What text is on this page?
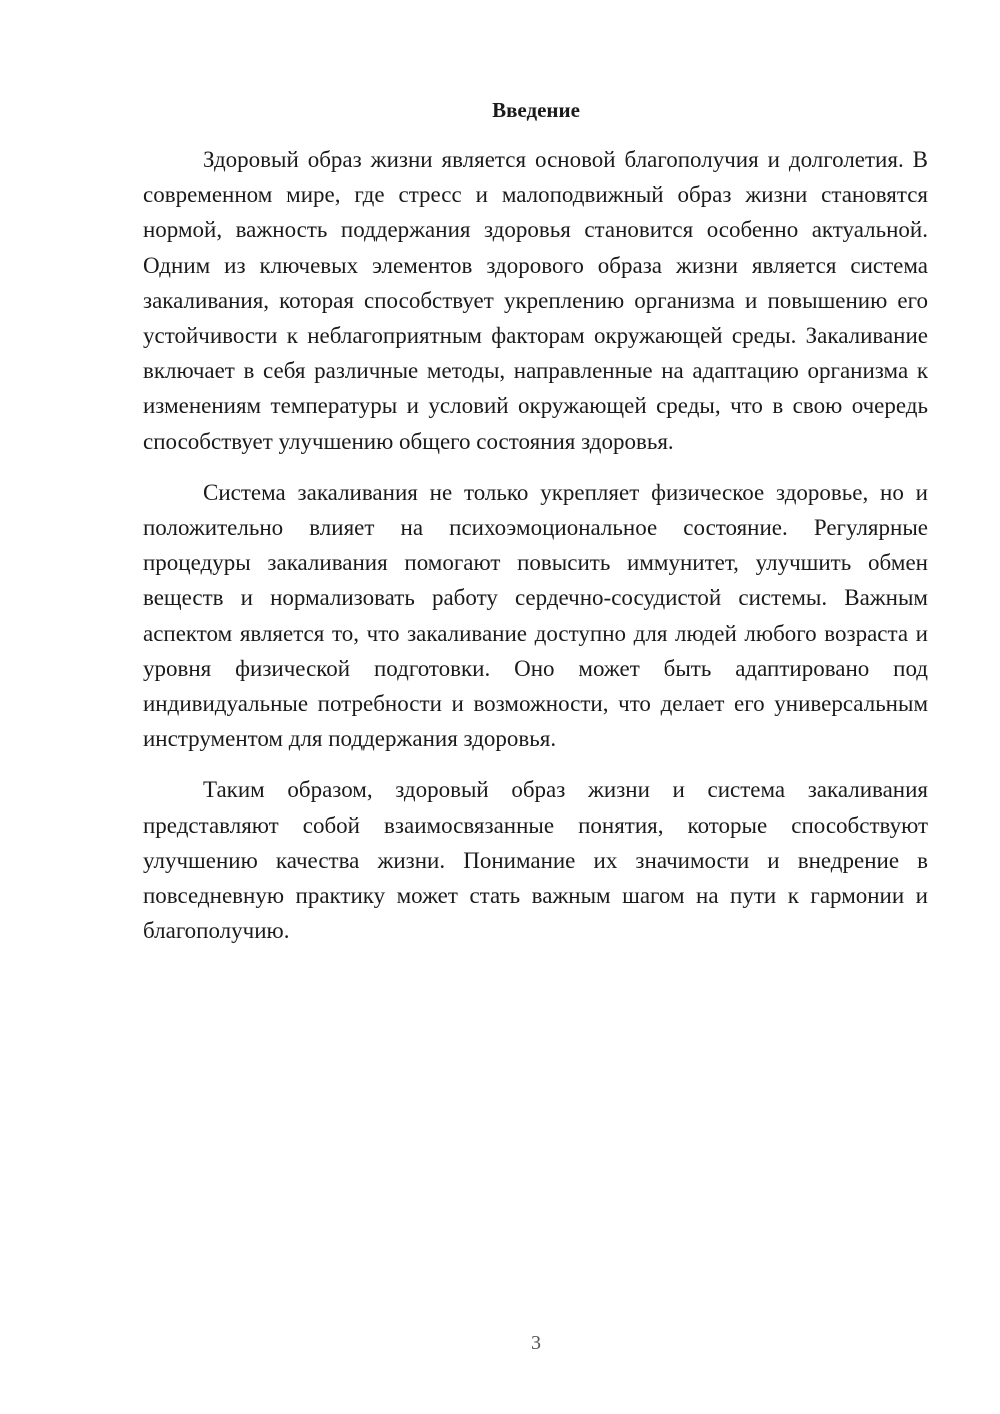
Введение

Здоровый образ жизни является основой благополучия и долголетия. В современном мире, где стресс и малоподвижный образ жизни становятся нормой, важность поддержания здоровья становится особенно актуальной. Одним из ключевых элементов здорового образа жизни является система закаливания, которая способствует укреплению организма и повышению его устойчивости к неблагоприятным факторам окружающей среды. Закаливание включает в себя различные методы, направленные на адаптацию организма к изменениям температуры и условий окружающей среды, что в свою очередь способствует улучшению общего состояния здоровья.

Система закаливания не только укрепляет физическое здоровье, но и положительно влияет на психоэмоциональное состояние. Регулярные процедуры закаливания помогают повысить иммунитет, улучшить обмен веществ и нормализовать работу сердечно-сосудистой системы. Важным аспектом является то, что закаливание доступно для людей любого возраста и уровня физической подготовки. Оно может быть адаптировано под индивидуальные потребности и возможности, что делает его универсальным инструментом для поддержания здоровья.

Таким образом, здоровый образ жизни и система закаливания представляют собой взаимосвязанные понятия, которые способствуют улучшению качества жизни. Понимание их значимости и внедрение в повседневную практику может стать важным шагом на пути к гармонии и благополучию.

3
